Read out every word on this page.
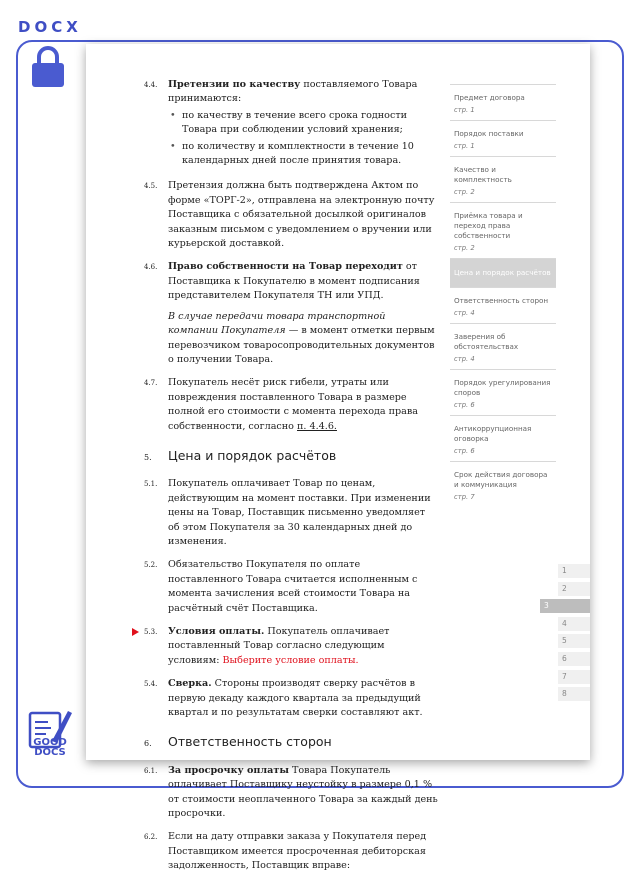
DOCX
GOOD
DOCS
4.4.	Претензии по качеству поставляемого Товара принимаются:
• по качеству в течение всего срока годности Товара при соблюдении условий хранения;
• по количеству и комплектности в течение 10 календарных дней после принятия товара.
4.5.	Претензия должна быть подтверждена Актом по форме «ТОРГ-2», отправлена на электронную почту Поставщика с обязательной досылкой оригиналов заказным письмом с уведомлением о вручении или курьерской доставкой.
4.6.	Право собственности на Товар переходит от Поставщика к Покупателю в момент подписания представителем Покупателя ТН или УПД.
В случае передачи товара транспортной компании Покупателя — в момент отметки первым перевозчиком товаросопроводительных документов о получении Товара.
4.7.	Покупатель несёт риск гибели, утраты или повреждения поставленного Товара в размере полной его стоимости с момента перехода права собственности, согласно п. 4.4.6.
5.	Цена и порядок расчётов
5.1.	Покупатель оплачивает Товар по ценам, действующим на момент поставки. При изменении цены на Товар, Поставщик письменно уведомляет об этом Покупателя за 30 календарных дней до изменения.
5.2.	Обязательство Покупателя по оплате поставленного Товара считается исполненным с момента зачисления всей стоимости Товара на расчётный счёт Поставщика.
5.3.	Условия оплаты. Покупатель оплачивает поставленный Товар согласно следующим условиям: Выберите условие оплаты.
5.4.	Сверка. Стороны производят сверку расчётов в первую декаду каждого квартала за предыдущий квартал и по результатам сверки составляют акт.
6.	Ответственность сторон
6.1.	За просрочку оплаты Товара Покупатель оплачивает Поставщику неустойку в размере 0,1 % от стоимости неоплаченного Товара за каждый день просрочки.
6.2.	Если на дату отправки заказа у Покупателя перед Поставщиком имеется просроченная дебиторская задолженность, Поставщик вправе:
Предмет договора
стр. 1
Порядок поставки
стр. 1
Качество и комплектность
стр. 2
Приёмка товара и переход права собственности
стр. 2
Цена и порядок расчётов
Ответственность сторон
стр. 4
Заверения об обстоятельствах
стр. 4
Порядок урегулирования споров
стр. 6
Антикоррупционная оговорка
стр. 6
Срок действия договора и коммуникация
стр. 7
1
2
3
4
5
6
7
8
